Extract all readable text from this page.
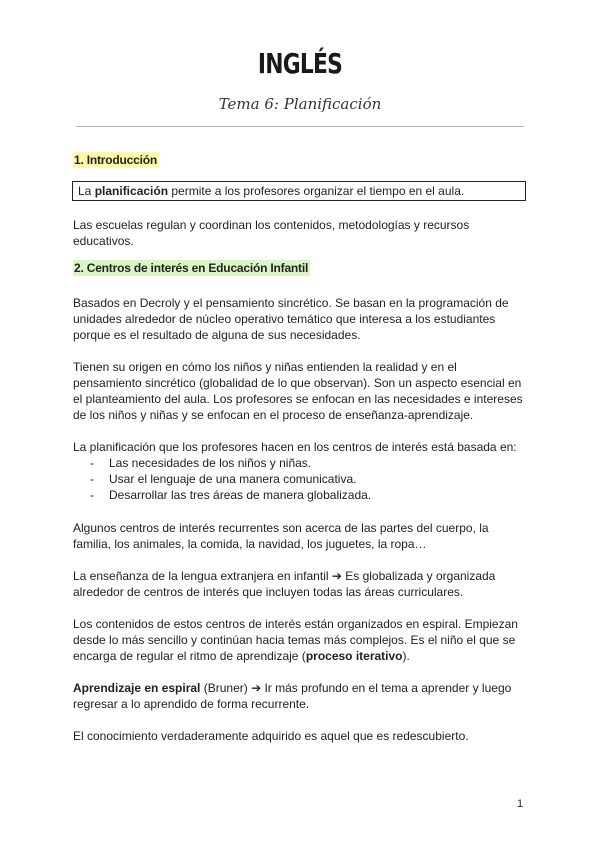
INGLÉS
Tema 6: Planificación
1. Introducción
La planificación permite a los profesores organizar el tiempo en el aula.

Las escuelas regulan y coordinan los contenidos, metodologías y recursos educativos.

2. Centros de interés en Educación Infantil

Basados en Decroly y el pensamiento sincrético. Se basan en la programación de unidades alrededor de núcleo operativo temático que interesa a los estudiantes porque es el resultado de alguna de sus necesidades.

Tienen su origen en cómo los niños y niñas entienden la realidad y en el pensamiento sincrético (globalidad de lo que observan). Son un aspecto esencial en el planteamiento del aula. Los profesores se enfocan en las necesidades e intereses de los niños y niñas y se enfocan en el proceso de enseñanza-aprendizaje.

La planificación que los profesores hacen en los centros de interés está basada en:

- Las necesidades de los niños y niñas.
- Usar el lenguaje de una manera comunicativa.
- Desarrollar las tres áreas de manera globalizada.

Algunos centros de interés recurrentes son acerca de las partes del cuerpo, la familia, los animales, la comida, la navidad, los juguetes, la ropa…

La enseñanza de la lengua extranjera en infantil ➔ Es globalizada y organizada alrededor de centros de interés que incluyen todas las áreas curriculares.

Los contenidos de estos centros de interés están organizados en espiral. Empiezan desde lo más sencillo y continúan hacia temas más complejos. Es el niño el que se encarga de regular el ritmo de aprendizaje (proceso iterativo).

Aprendizaje en espiral (Bruner) ➔ Ir más profundo en el tema a aprender y luego regresar a lo aprendido de forma recurrente.

El conocimiento verdaderamente adquirido es aquel que es redescubierto.

1
